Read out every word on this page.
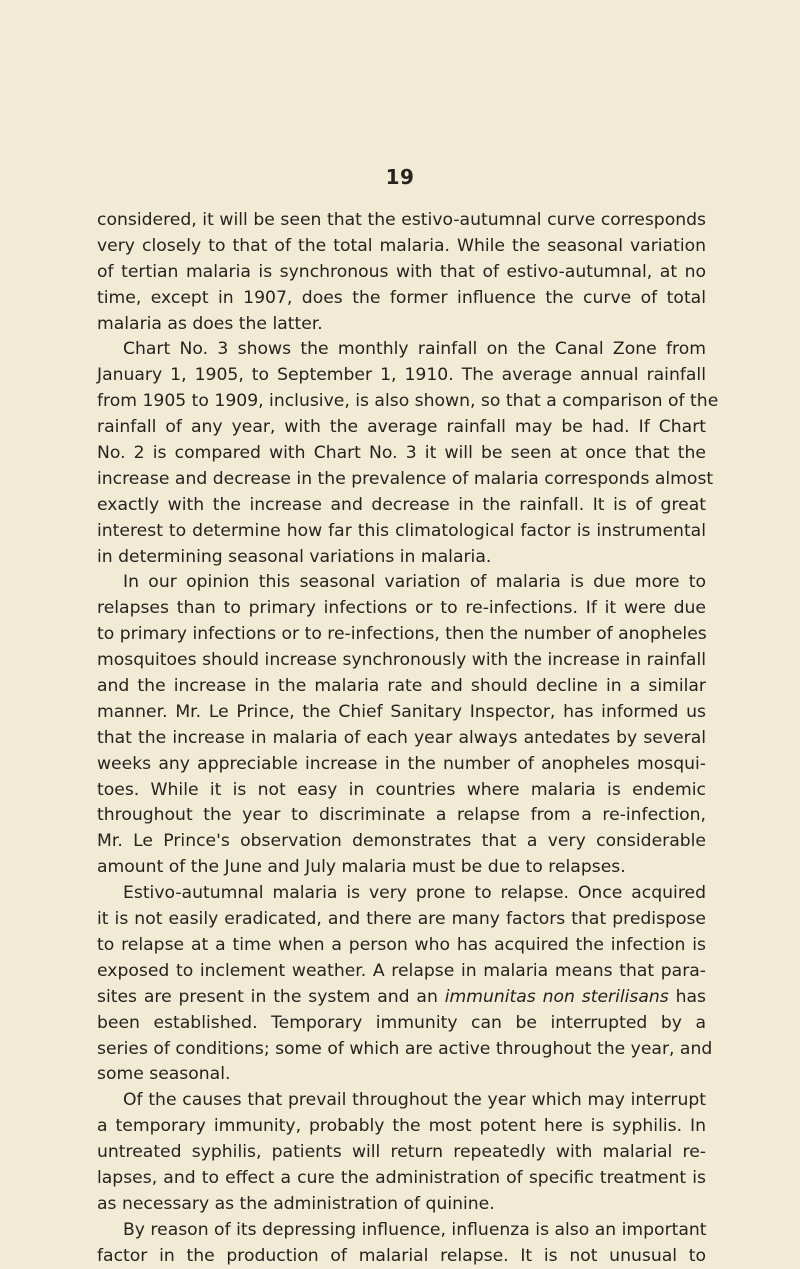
19
considered, it will be seen that the estivo-autumnal curve corresponds
very closely to that of the total malaria. While the seasonal variation
of tertian malaria is synchronous with that of estivo-autumnal, at no
time, except in 1907, does the former influence the curve of total
malaria as does the latter.
Chart No. 3 shows the monthly rainfall on the Canal Zone from
January 1, 1905, to September 1, 1910. The average annual rainfall
from 1905 to 1909, inclusive, is also shown, so that a comparison of the
rainfall of any year, with the average rainfall may be had. If Chart
No. 2 is compared with Chart No. 3 it will be seen at once that the
increase and decrease in the prevalence of malaria corresponds almost
exactly with the increase and decrease in the rainfall. It is of great
interest to determine how far this climatological factor is instrumental
in determining seasonal variations in malaria.
In our opinion this seasonal variation of malaria is due more to
relapses than to primary infections or to re-infections. If it were due
to primary infections or to re-infections, then the number of anopheles
mosquitoes should increase synchronously with the increase in rainfall
and the increase in the malaria rate and should decline in a similar
manner. Mr. Le Prince, the Chief Sanitary Inspector, has informed us
that the increase in malaria of each year always antedates by several
weeks any appreciable increase in the number of anopheles mosqui-
toes. While it is not easy in countries where malaria is endemic
throughout the year to discriminate a relapse from a re-infection,
Mr. Le Prince's observation demonstrates that a very considerable
amount of the June and July malaria must be due to relapses.
Estivo-autumnal malaria is very prone to relapse. Once acquired
it is not easily eradicated, and there are many factors that predispose
to relapse at a time when a person who has acquired the infection is
exposed to inclement weather. A relapse in malaria means that para-
sites are present in the system and an immunitas non sterilisans has
been established. Temporary immunity can be interrupted by a
series of conditions; some of which are active throughout the year, and
some seasonal.
Of the causes that prevail throughout the year which may interrupt
a temporary immunity, probably the most potent here is syphilis. In
untreated syphilis, patients will return repeatedly with malarial re-
lapses, and to effect a cure the administration of specific treatment is
as necessary as the administration of quinine.
By reason of its depressing influence, influenza is also an important
factor in the production of malarial relapse. It is not unusual to
